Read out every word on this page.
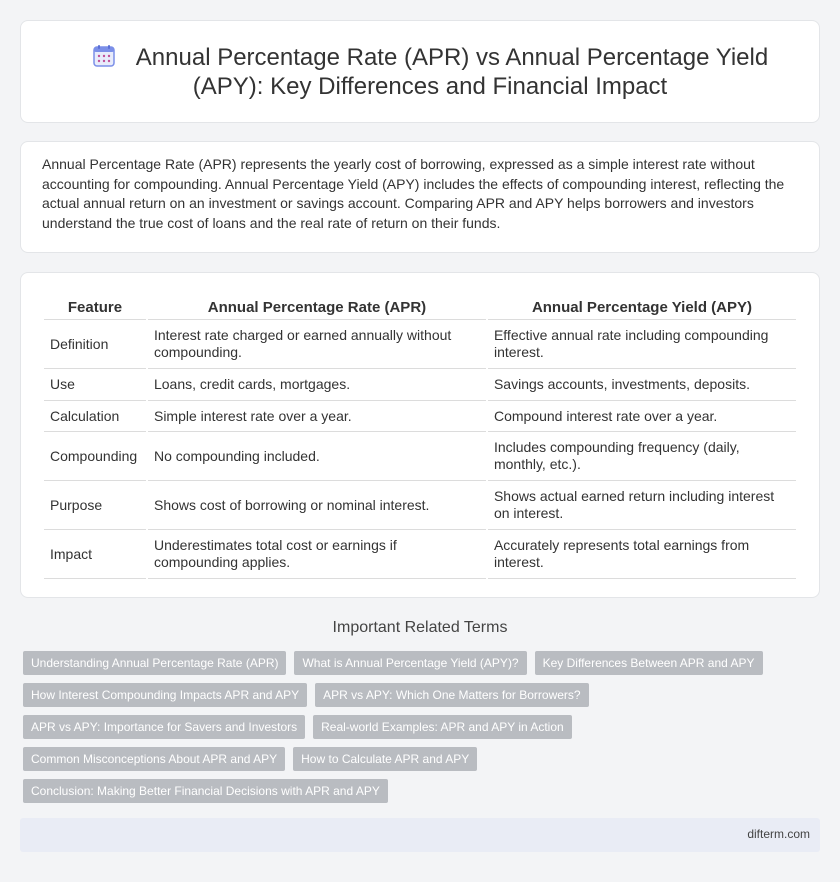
Annual Percentage Rate (APR) vs Annual Percentage Yield (APY): Key Differences and Financial Impact

Annual Percentage Rate (APR) represents the yearly cost of borrowing, expressed as a simple interest rate without accounting for compounding. Annual Percentage Yield (APY) includes the effects of compounding interest, reflecting the actual annual return on an investment or savings account. Comparing APR and APY helps borrowers and investors understand the true cost of loans and the real rate of return on their funds.

Feature	Annual Percentage Rate (APR)	Annual Percentage Yield (APY)
Definition	Interest rate charged or earned annually without compounding.	Effective annual rate including compounding interest.
Use	Loans, credit cards, mortgages.	Savings accounts, investments, deposits.
Calculation	Simple interest rate over a year.	Compound interest rate over a year.
Compounding	No compounding included.	Includes compounding frequency (daily, monthly, etc.).
Purpose	Shows cost of borrowing or nominal interest.	Shows actual earned return including interest on interest.
Impact	Underestimates total cost or earnings if compounding applies.	Accurately represents total earnings from interest.
Important Related Terms
Understanding Annual Percentage Rate (APR)	What is Annual Percentage Yield (APY)?	Key Differences Between APR and APY
How Interest Compounding Impacts APR and APY	APR vs APY: Which One Matters for Borrowers?
APR vs APY: Importance for Savers and Investors	Real-world Examples: APR and APY in Action
Common Misconceptions About APR and APY	How to Calculate APR and APY
Conclusion: Making Better Financial Decisions with APR and APY
difterm.com
